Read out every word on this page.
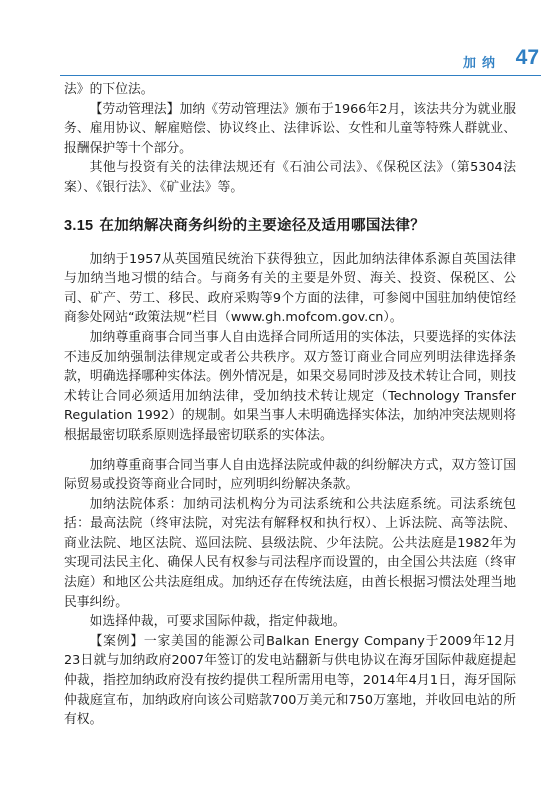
加纳 47

法》的下位法。

【劳动管理法】加纳《劳动管理法》颁布于1966年2月，该法共分为就业服务、雇用协议、解雇赔偿、协议终止、法律诉讼、女性和儿童等特殊人群就业、报酬保护等十个部分。

其他与投资有关的法律法规还有《石油公司法》、《保税区法》（第5304法案）、《银行法》、《矿业法》等。

3.15 在加纳解决商务纠纷的主要途径及适用哪国法律？

加纳于1957从英国殖民统治下获得独立，因此加纳法律体系源自英国法律与加纳当地习惯的结合。与商务有关的主要是外贸、海关、投资、保税区、公司、矿产、劳工、移民、政府采购等9个方面的法律，可参阅中国驻加纳使馆经商参处网站“政策法规”栏目（www.gh.mofcom.gov.cn）。

加纳尊重商事合同当事人自由选择合同所适用的实体法，只要选择的实体法不违反加纳强制法律规定或者公共秩序。双方签订商业合同应列明法律选择条款，明确选择哪种实体法。例外情况是，如果交易同时涉及技术转让合同，则技术转让合同必须适用加纳法律，受加纳技术转让规定（Technology Transfer Regulation 1992）的规制。如果当事人未明确选择实体法，加纳冲突法规则将根据最密切联系原则选择最密切联系的实体法。

加纳尊重商事合同当事人自由选择法院或仲裁的纠纷解决方式，双方签订国际贸易或投资等商业合同时，应列明纠纷解决条款。

加纳法院体系：加纳司法机构分为司法系统和公共法庭系统。司法系统包括：最高法院（终审法院，对宪法有解释权和执行权）、上诉法院、高等法院、商业法院、地区法院、巡回法院、县级法院、少年法院。公共法庭是1982年为实现司法民主化、确保人民有权参与司法程序而设置的，由全国公共法庭（终审法庭）和地区公共法庭组成。加纳还存在传统法庭，由酋长根据习惯法处理当地民事纠纷。

如选择仲裁，可要求国际仲裁，指定仲裁地。

【案例】一家美国的能源公司Balkan Energy Company于2009年12月23日就与加纳政府2007年签订的发电站翻新与供电协议在海牙国际仲裁庭提起仲裁，指控加纳政府没有按约提供工程所需用电等，2014年4月1日，海牙国际仲裁庭宣布，加纳政府向该公司赔款700万美元和750万塞地，并收回电站的所有权。
